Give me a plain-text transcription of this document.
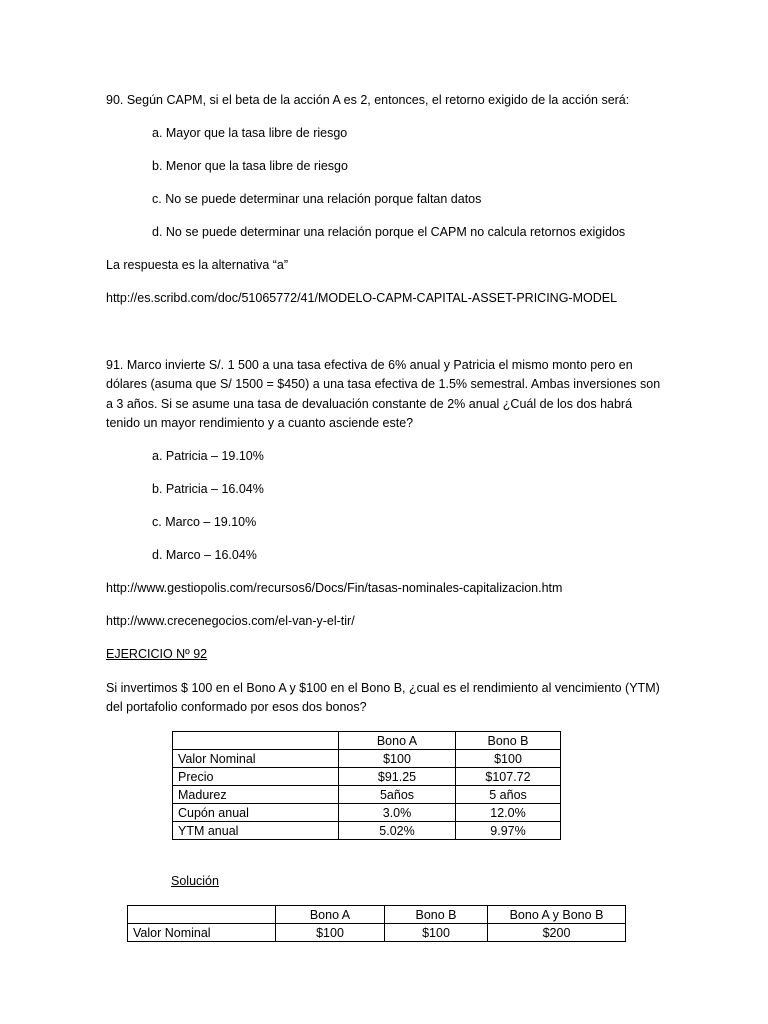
90. Según CAPM, si el beta de la acción A es 2, entonces, el retorno exigido de la acción será:
a. Mayor que la tasa libre de riesgo
b. Menor que la tasa libre de riesgo
c. No se puede determinar una relación porque faltan datos
d. No se puede determinar una relación porque el CAPM no calcula retornos exigidos
La respuesta es la alternativa “a”
http://es.scribd.com/doc/51065772/41/MODELO-CAPM-CAPITAL-ASSET-PRICING-MODEL
91. Marco invierte S/. 1 500 a una tasa efectiva de 6% anual y Patricia el mismo monto pero en dólares (asuma que S/ 1500 = $450) a una tasa efectiva de 1.5% semestral. Ambas inversiones son a 3 años. Si se asume una tasa de devaluación constante de 2% anual ¿Cuál de los dos habrá tenido un mayor rendimiento y a cuanto asciende este?
a. Patricia – 19.10%
b. Patricia – 16.04%
c. Marco – 19.10%
d. Marco – 16.04%
http://www.gestiopolis.com/recursos6/Docs/Fin/tasas-nominales-capitalizacion.htm
http://www.crecenegocios.com/el-van-y-el-tir/
EJERCICIO Nº 92
Si invertimos $ 100 en el Bono A y $100 en el Bono B, ¿cual es el rendimiento al vencimiento (YTM) del portafolio conformado por esos dos bonos?
	Bono A	Bono B
Valor Nominal	$100	$100
Precio	$91.25	$107.72
Madurez	5años	5 años
Cupón anual	3.0%	12.0%
YTM anual	5.02%	9.97%
Solución
	Bono A	Bono B	Bono A y Bono B
Valor Nominal	$100	$100	$200
